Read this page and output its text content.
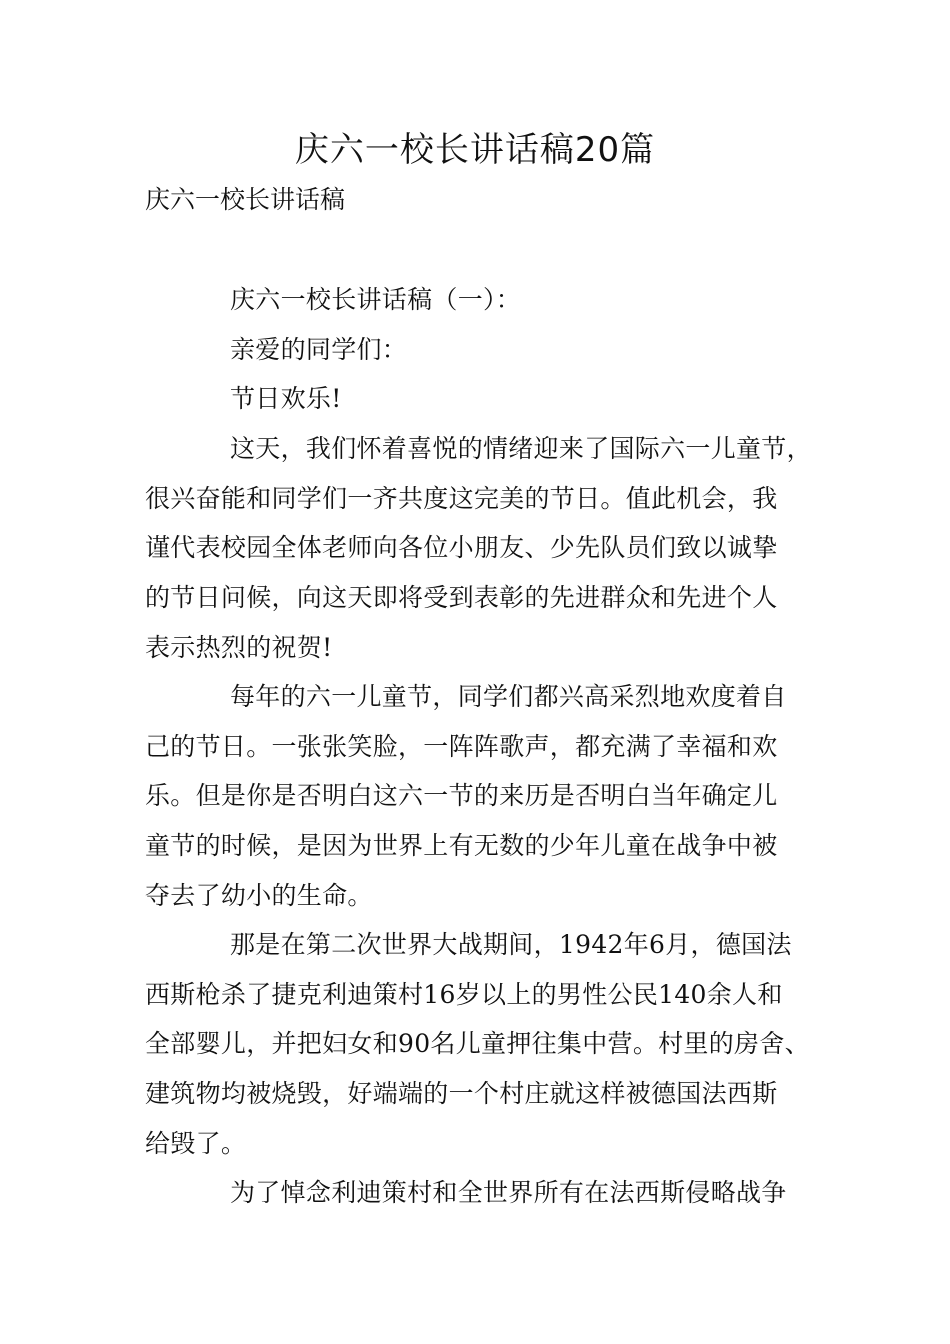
庆六一校长讲话稿20篇

庆六一校长讲话稿

庆六一校长讲话稿（一）：

亲爱的同学们：

节日欢乐!

这天，我们怀着喜悦的情绪迎来了国际六一儿童节，

很兴奋能和同学们一齐共度这完美的节日。值此机会，我

谨代表校园全体老师向各位小朋友、少先队员们致以诚挚

的节日问候，向这天即将受到表彰的先进群众和先进个人

表示热烈的祝贺!

每年的六一儿童节，同学们都兴高采烈地欢度着自

己的节日。一张张笑脸，一阵阵歌声，都充满了幸福和欢

乐。但是你是否明白这六一节的来历是否明白当年确定儿

童节的时候，是因为世界上有无数的少年儿童在战争中被

夺去了幼小的生命。

那是在第二次世界大战期间，1942年6月，德国法

西斯枪杀了捷克利迪策村16岁以上的男性公民140余人和

全部婴儿，并把妇女和90名儿童押往集中营。村里的房舍、

建筑物均被烧毁，好端端的一个村庄就这样被德国法西斯

给毁了。

为了悼念利迪策村和全世界所有在法西斯侵略战争
